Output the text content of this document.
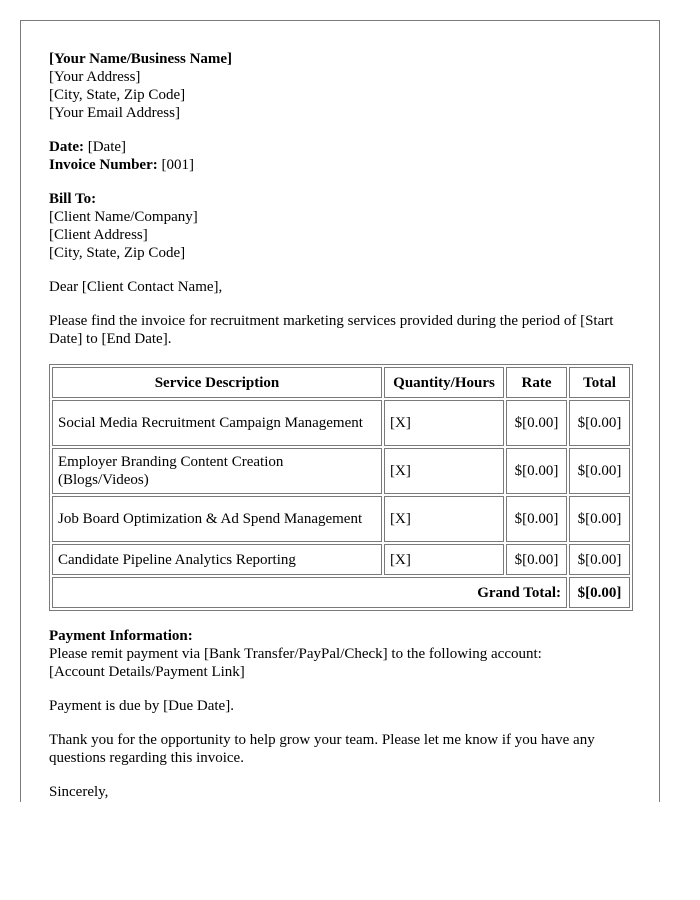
[Your Name/Business Name]

[Your Address]

[City, State, Zip Code]

[Your Email Address]

Date: [Date]

Invoice Number: [001]

Bill To:

[Client Name/Company]

[Client Address]

[City, State, Zip Code]

Dear [Client Contact Name],

Please find the invoice for recruitment marketing services provided during the period of [Start Date] to [End Date].

Service Description	Quantity/Hours	Rate	Total
Social Media Recruitment Campaign Management	[X]	$[0.00]	$[0.00]
Employer Branding Content Creation (Blogs/Videos)	[X]	$[0.00]	$[0.00]
Job Board Optimization & Ad Spend Management	[X]	$[0.00]	$[0.00]
Candidate Pipeline Analytics Reporting	[X]	$[0.00]	$[0.00]
Grand Total:			$[0.00]

Payment Information:

Please remit payment via [Bank Transfer/PayPal/Check] to the following account:

[Account Details/Payment Link]

Payment is due by [Due Date].

Thank you for the opportunity to help grow your team. Please let me know if you have any questions regarding this invoice.

Sincerely,
